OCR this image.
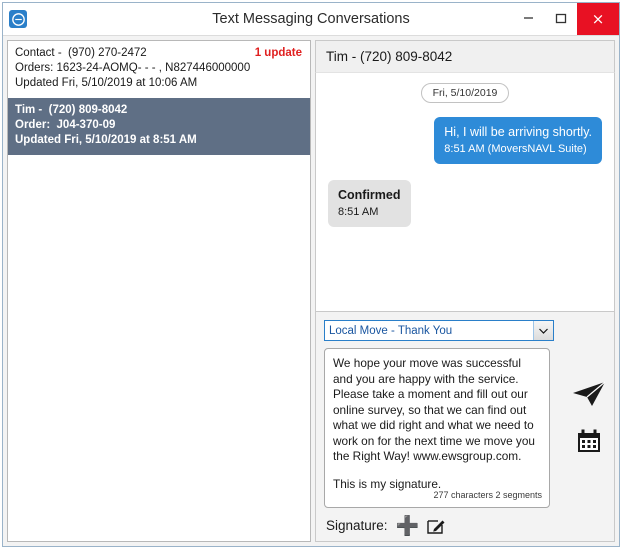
Text Messaging Conversations	×
1 update
Contact -  (970) 270-2472
Orders: 1623-24-AOMQ- - - , N827446000000
Updated Fri, 5/10/2019 at 10:06 AM
Tim -  (720) 809-8042
Order:  J04-370-09
Updated Fri, 5/10/2019 at 8:51 AM
Tim - (720) 809-8042
Fri, 5/10/2019
Hi, I will be arriving shortly.
8:51 AM (MoversNAVL Suite)
Confirmed
8:51 AM
Local Move - Thank You

We hope your move was successful and you are happy with the service. Please take a moment and fill out our online survey, so that we can find out what we did right and what we need to work on for the next time we move you the Right Way! www.ewsgroup.com.

This is my signature.

277 characters 2 segments
Signature: ➕
